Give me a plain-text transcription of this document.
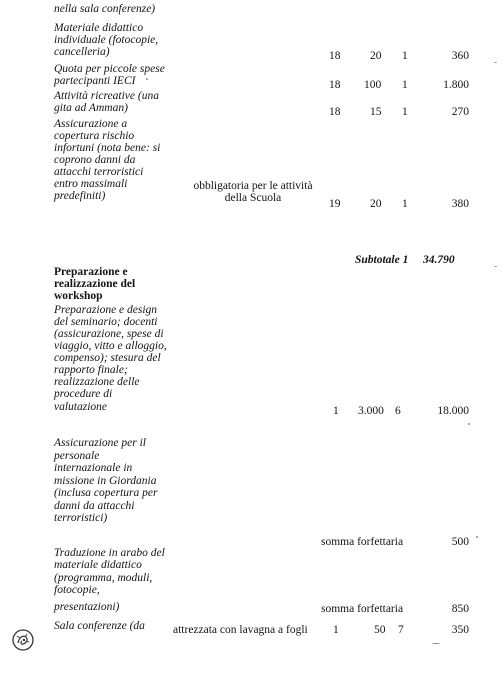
nella sala conferenze)
Materiale didattico
individuale (fotocopie,
cancelleria)	18	20 1	360
Quota per piccole spese
partecipanti IECI	18 100 1	1.800
Attività ricreative (una
gita ad Amman)	18	15 1	270
Assicurazione a
copertura rischio
infortuni (nota bene: si
coprono danni da
attacchi terroristici
entro massimali
predefiniti)
obbligatoria per le attività
della Scuola	19	20 1	380
Subtotale 1 34.790
Preparazione e
realizzazione del
workshop
Preparazione e design
del seminario; docenti
(assicurazione, spese di
viaggio, vitto e alloggio,
compenso); stesura del
rapporto finale;
realizzazione delle
procedure di
valutazione	1 3.000 6	18.000
Assicurazione per il
personale
internazionale in
missione in Giordania
(inclusa copertura per
danni da attacchi
terroristici)
somma forfettaria	500
Traduzione in arabo del
materiale didattico
(programma, moduli,
fotocopie,
presentazioni)	somma forfettaria	850
Sala conferenze (da attrezzata con lavagna a fogli 1	50 7	350
